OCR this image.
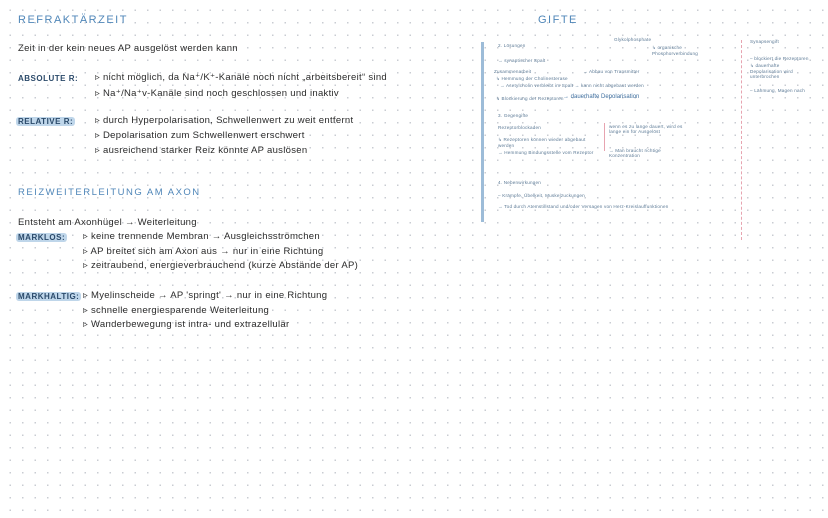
REFRAKTÄRZEIT
Zeit in der kein neues AP ausgelöst werden kann
ABSOLUTE R: ▹ nicht möglich, da Na⁺/K⁺-Kanäle noch nicht „arbeitsbereit“ sind
▹ Na⁺/Na⁺v-Kanäle sind noch geschlossen und inaktiv
RELATIVE R: ▹ durch Hyperpolarisation, Schwellenwert zu weit entfernt
▹ Depolarisation zum Schwellenwert erschwert
▹ ausreichend starker Reiz könnte AP auslösen
REIZWEITERLEITUNG AM AXON
Entsteht am Axonhügel → Weiterleitung
MARKLOS: ▹ keine trennende Membran → Ausgleichsströmchen
▹ AP breitet sich am Axon aus → nur in eine Richtung
▹ zeitraubend, energieverbrauchend (kurze Abstände der AP)
MARKHALTIG: ▹ Myelinscheide → AP 'springt' → nur in eine Richtung
▹ schnelle energiesparende Weiterleitung
▹ Wanderbewegung ist intra- und extrazellulär
GIFTE
Glykolphosphate
↳ organische Phosphorverbindung
2. Lösungen
→ synaptischer Spalt
Zusammenarbeit	→ Abbau von Transmitter
↳ Hemmung der Cholinesterase
→ Acetylcholin verbleibt im Spalt → kann nicht abgebaut werden
↳ Blockierung der Rezeptoren → dauerhafte Depolarisation
3. Gegengifte
Rezeptorblockaden
↳ Rezeptoren können wieder abgebaut werden
→ Hemmung Bindungsstelle vom Rezeptor
wenn es zu lange dauert, wird es lange ein für Ausgelöst
→ Man braucht richtige Konzentration
4. Nebenwirkungen
– Krämpfe, Übelkeit, Muskelzuckungen
→ Tod durch Atemstillstand und/oder Versagen von Herz-Kreislauffunktionen
Synapsengift
– blockiert die Rezeptoren
↳ dauerhafte Depolarisation wird unterbrochen
– Lähmung, Magen nach
